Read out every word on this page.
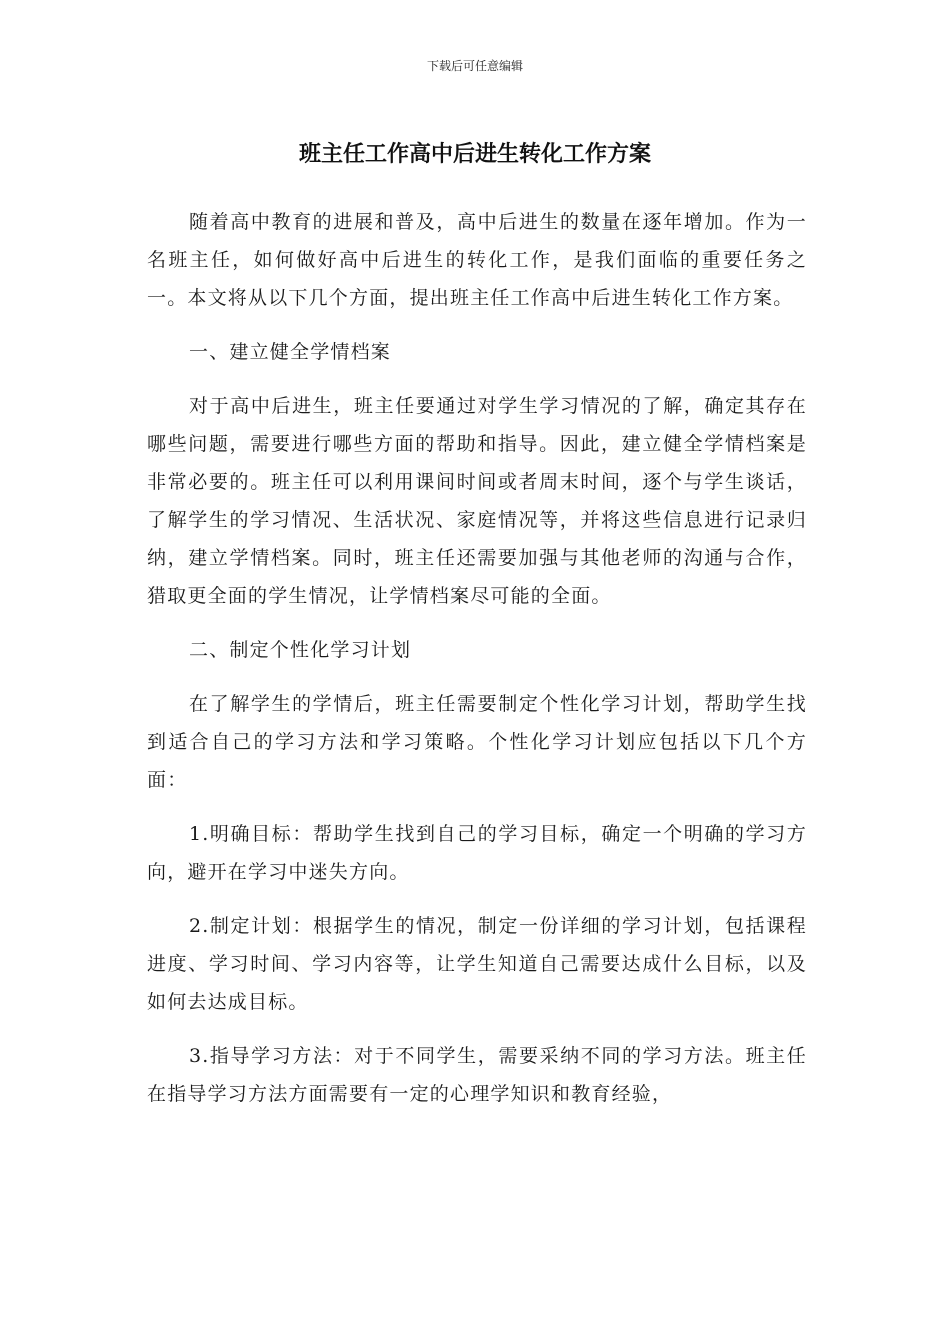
下载后可任意编辑
班主任工作高中后进生转化工作方案

随着高中教育的进展和普及，高中后进生的数量在逐年增加。作为一名班主任，如何做好高中后进生的转化工作，是我们面临的重要任务之一。本文将从以下几个方面，提出班主任工作高中后进生转化工作方案。

一、建立健全学情档案

对于高中后进生，班主任要通过对学生学习情况的了解，确定其存在哪些问题，需要进行哪些方面的帮助和指导。因此，建立健全学情档案是非常必要的。班主任可以利用课间时间或者周末时间，逐个与学生谈话，了解学生的学习情况、生活状况、家庭情况等，并将这些信息进行记录归纳，建立学情档案。同时，班主任还需要加强与其他老师的沟通与合作，猎取更全面的学生情况，让学情档案尽可能的全面。

二、制定个性化学习计划

在了解学生的学情后，班主任需要制定个性化学习计划，帮助学生找到适合自己的学习方法和学习策略。个性化学习计划应包括以下几个方面：

1.明确目标：帮助学生找到自己的学习目标，确定一个明确的学习方向，避开在学习中迷失方向。

2.制定计划：根据学生的情况，制定一份详细的学习计划，包括课程进度、学习时间、学习内容等，让学生知道自己需要达成什么目标，以及如何去达成目标。

3.指导学习方法：对于不同学生，需要采纳不同的学习方法。班主任在指导学习方法方面需要有一定的心理学知识和教育经验，
